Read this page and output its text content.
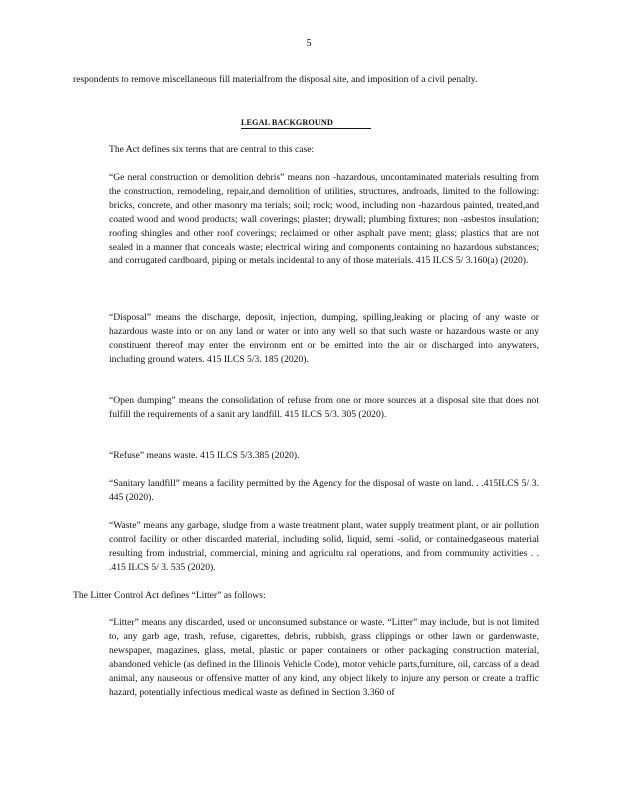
5
respondents to remove miscellaneous fill materialfrom the disposal site, and imposition of a civil penalty.
LEGAL BACKGROUND
The Act defines six terms that are central to this case:
“Ge neral construction or demolition debris” means non -hazardous, uncontaminated materials resulting from the construction, remodeling, repair,and demolition of utilities, structures, androads, limited to the following: bricks, concrete, and other masonry ma terials; soil; rock; wood, including non -hazardous painted, treated,and coated wood and wood products; wall coverings; plaster; drywall; plumbing fixtures; non -asbestos insulation; roofing shingles and other roof coverings; reclaimed or other asphalt pave ment; glass; plastics that are not sealed in a manner that conceals waste; electrical wiring and components containing no hazardous substances; and corrugated cardboard, piping or metals incidental to any of those materials. 415 ILCS 5/ 3.160(a) (2020).
“Disposal” means the discharge, deposit, injection, dumping, spilling,leaking or placing of any waste or hazardous waste into or on any land or water or into any well so that such waste or hazardous waste or any constituent thereof may enter the environm ent or be emitted into the air or discharged into anywaters, including ground waters. 415 ILCS 5/3. 185 (2020).
“Open dumping” means the consolidation of refuse from one or more sources at a disposal site that does not fulfill the requirements of a sanit ary landfill. 415 ILCS 5/3. 305 (2020).
“Refuse” means waste. 415 ILCS 5/3.385 (2020).
“Sanitary landfill” means a facility permitted by the Agency for the disposal of waste on land. . .415ILCS 5/ 3. 445 (2020).
“Waste” means any garbage, sludge from a waste treatment plant, water supply treatment plant, or air pollution control facility or other discarded material, including solid, liquid, semi -solid, or containedgaseous material resulting from industrial, commercial, mining and agricultu ral operations, and from community activities . . .415 ILCS 5/ 3. 535 (2020).
The Litter Control Act defines “Litter” as follows:
“Litter” means any discarded, used or unconsumed substance or waste. “Litter” may include, but is not limited to, any garb age, trash, refuse, cigarettes, debris, rubbish, grass clippings or other lawn or gardenwaste, newspaper, magazines, glass, metal, plastic or paper containers or other packaging construction material, abandoned vehicle (as defined in the Illinois Vehicle Code), motor vehicle parts,furniture, oil, carcass of a dead animal, any nauseous or offensive matter of any kind, any object likely to injure any person or create a traffic hazard, potentially infectious medical waste as defined in Section 3.360 of
